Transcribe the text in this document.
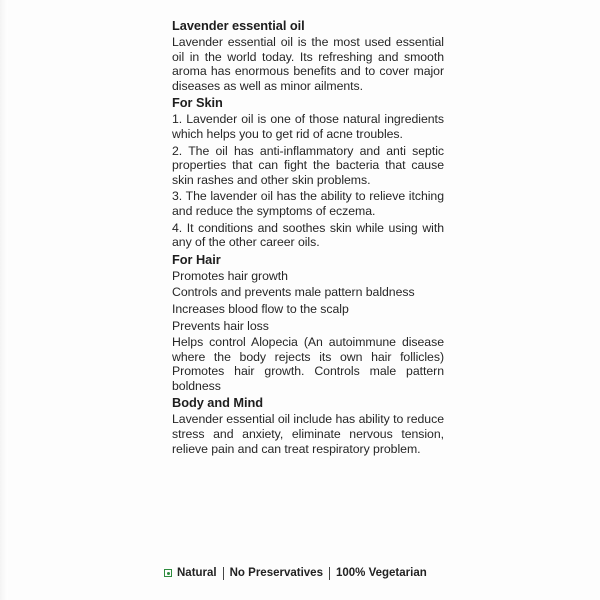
Lavender essential oil

Lavender essential oil is the most used essential oil in the world today. Its refreshing and smooth aroma has enormous benefits and to cover major diseases as well as minor ailments.

For Skin

1. Lavender oil is one of those natural ingredients which helps you to get rid of acne troubles.

2. The oil has anti-inflammatory and anti septic properties that can fight the bacteria that cause skin rashes and other skin problems.

3. The lavender oil has the ability to relieve itching and reduce the symptoms of eczema.

4. It conditions and soothes skin while using with any of the other career oils.

For Hair

Promotes hair growth

Controls and prevents male pattern baldness

Increases blood flow to the scalp

Prevents hair loss

Helps control Alopecia (An autoimmune disease where the body rejects its own hair follicles) Promotes hair growth. Controls male pattern boldness

Body and Mind

Lavender essential oil include has ability to reduce stress and anxiety, eliminate nervous tension, relieve pain and can treat respiratory problem.

Natural No Preservatives 100% Vegetarian
